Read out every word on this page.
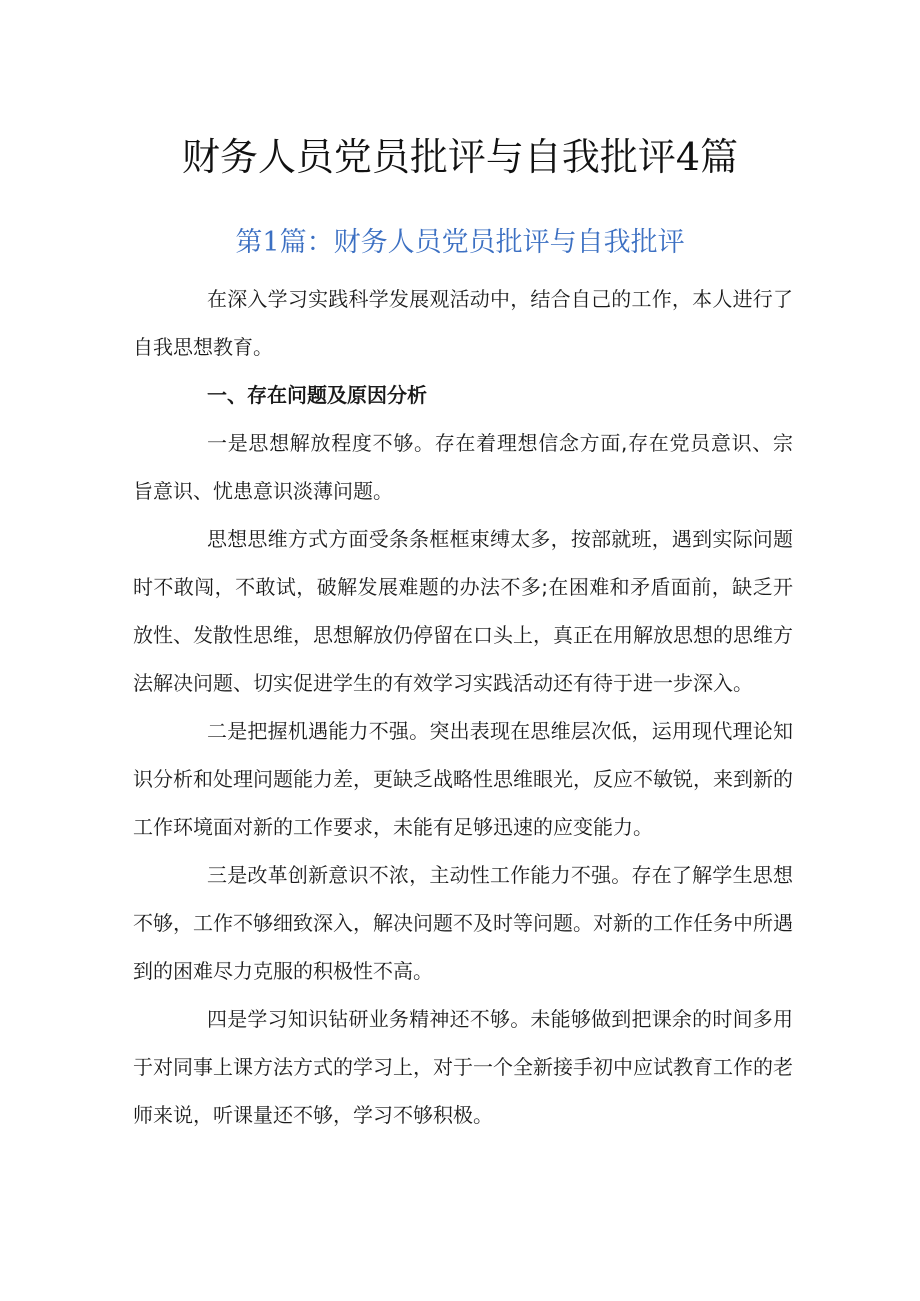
财务人员党员批评与自我批评4篇
第1篇：财务人员党员批评与自我批评

在深入学习实践科学发展观活动中，结合自己的工作，本人进行了自我思想教育。

一、存在问题及原因分析

一是思想解放程度不够。存在着理想信念方面,存在党员意识、宗旨意识、忧患意识淡薄问题。

思想思维方式方面受条条框框束缚太多，按部就班，遇到实际问题时不敢闯，不敢试，破解发展难题的办法不多;在困难和矛盾面前，缺乏开放性、发散性思维，思想解放仍停留在口头上，真正在用解放思想的思维方法解决问题、切实促进学生的有效学习实践活动还有待于进一步深入。

二是把握机遇能力不强。突出表现在思维层次低，运用现代理论知识分析和处理问题能力差，更缺乏战略性思维眼光，反应不敏锐，来到新的工作环境面对新的工作要求，未能有足够迅速的应变能力。

三是改革创新意识不浓，主动性工作能力不强。存在了解学生思想不够，工作不够细致深入，解决问题不及时等问题。对新的工作任务中所遇到的困难尽力克服的积极性不高。

四是学习知识钻研业务精神还不够。未能够做到把课余的时间多用于对同事上课方法方式的学习上，对于一个全新接手初中应试教育工作的老师来说，听课量还不够，学习不够积极。
